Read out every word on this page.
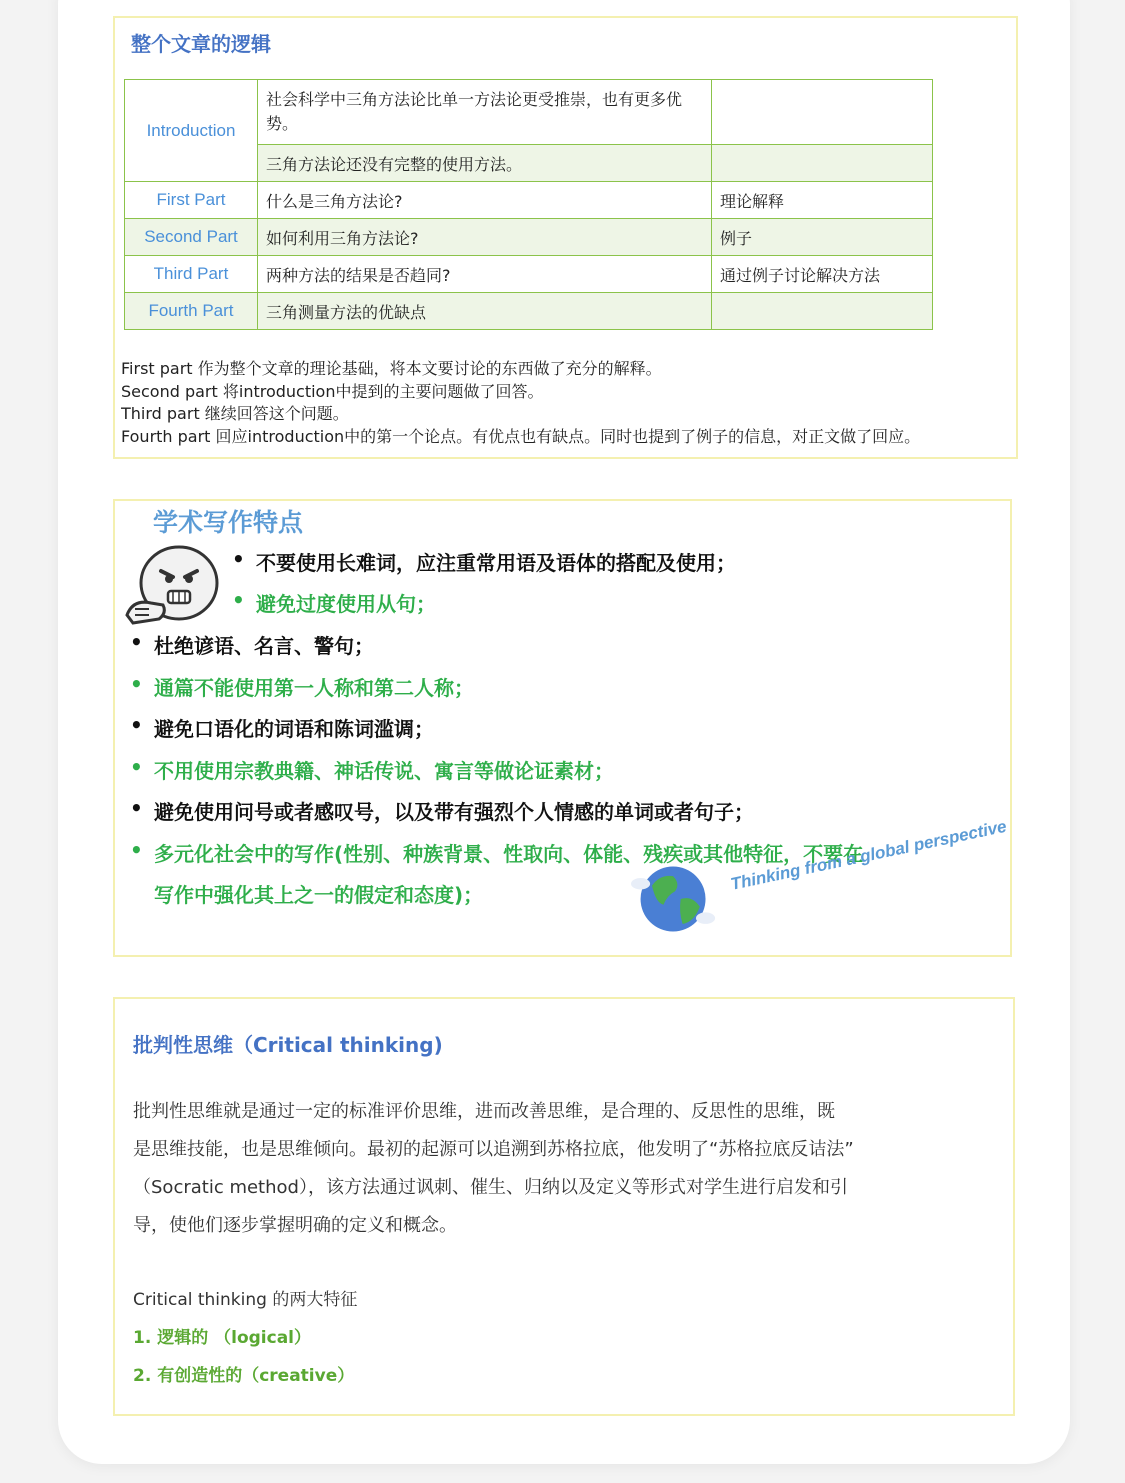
整个文章的逻辑
Introduction	社会科学中三角方法论比单一方法论更受推崇，也有更多优势。	
	三角方法论还没有完整的使用方法。	
First Part	什么是三角方法论?	理论解释
Second Part	如何利用三角方法论?	例子
Third Part	两种方法的结果是否趋同?	通过例子讨论解决方法
Fourth Part	三角测量方法的优缺点	
First part 作为整个文章的理论基础，将本文要讨论的东西做了充分的解释。
Second part 将introduction中提到的主要问题做了回答。
Third part 继续回答这个问题。
Fourth part 回应introduction中的第一个论点。有优点也有缺点。同时也提到了例子的信息，对正文做了回应。
学术写作特点
• 不要使用长难词，应注重常用语及语体的搭配及使用；
• 避免过度使用从句；
• 杜绝谚语、名言、警句；
• 通篇不能使用第一人称和第二人称；
• 避免口语化的词语和陈词滥调；
• 不用使用宗教典籍、神话传说、寓言等做论证素材；
• 避免使用问号或者感叹号，以及带有强烈个人情感的单词或者句子；
• 多元化社会中的写作(性别、种族背景、性取向、体能、残疾或其他特征，不要在
写作中强化其上之一的假定和态度)；
Thinking from a global perspective
批判性思维（Critical thinking)
批判性思维就是通过一定的标准评价思维，进而改善思维，是合理的、反思性的思维，既
是思维技能，也是思维倾向。最初的起源可以追溯到苏格拉底，他发明了“苏格拉底反诘法”
（Socratic method），该方法通过讽刺、催生、归纳以及定义等形式对学生进行启发和引
导，使他们逐步掌握明确的定义和概念。
Critical thinking 的两大特征
1. 逻辑的 （logical）
2. 有创造性的（creative）
